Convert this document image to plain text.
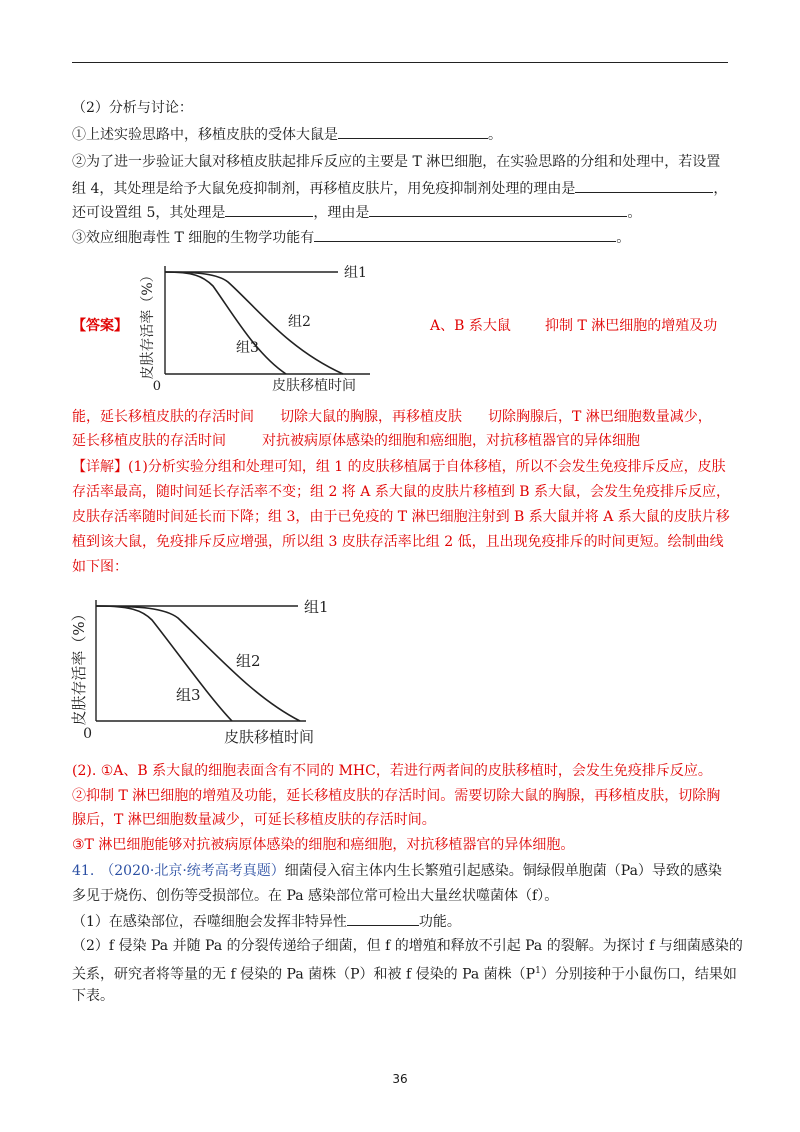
（2）分析与讨论：
①上述实验思路中，移植皮肤的受体大鼠是	。
②为了进一步验证大鼠对移植皮肤起排斥反应的主要是 T 淋巴细胞，在实验思路的分组和处理中，若设置
组 4，其处理是给予大鼠免疫抑制剂，再移植皮肤片，用免疫抑制剂处理的理由是	，
还可设置组 5，其处理是	，理由是	。
③效应细胞毒性 T 细胞的生物学功能有	。
组1
组2
组3
0	皮肤移植时间
皮肤存活率（%）
【答案】	A、B 系大鼠 抑制 T 淋巴细胞的增殖及功
能，延长移植皮肤的存活时间 切除大鼠的胸腺，再移植皮肤 切除胸腺后，T 淋巴细胞数量减少，
延长移植皮肤的存活时间	对抗被病原体感染的细胞和癌细胞，对抗移植器官的异体细胞
【详解】(1)分析实验分组和处理可知，组 1 的皮肤移植属于自体移植，所以不会发生免疫排斥反应，皮肤
存活率最高，随时间延长存活率不变；组 2 将 A 系大鼠的皮肤片移植到 B 系大鼠，会发生免疫排斥反应，
皮肤存活率随时间延长而下降；组 3，由于已免疫的 T 淋巴细胞注射到 B 系大鼠并将 A 系大鼠的皮肤片移
植到该大鼠，免疫排斥反应增强，所以组 3 皮肤存活率比组 2 低，且出现免疫排斥的时间更短。绘制曲线
如下图：
组1
组2
组3
0	皮肤移植时间
皮肤存活率（%）
(2). ①A、B 系大鼠的细胞表面含有不同的 MHC，若进行两者间的皮肤移植时，会发生免疫排斥反应。
②抑制 T 淋巴细胞的增殖及功能，延长移植皮肤的存活时间。需要切除大鼠的胸腺，再移植皮肤，切除胸
腺后，T 淋巴细胞数量减少，可延长移植皮肤的存活时间。
③T 淋巴细胞能够对抗被病原体感染的细胞和癌细胞，对抗移植器官的异体细胞。
41. （2020·北京·统考高考真题）细菌侵入宿主体内生长繁殖引起感染。铜绿假单胞菌（Pa）导致的感染
多见于烧伤、创伤等受损部位。在 Pa 感染部位常可检出大量丝状噬菌体（f）。
（1）在感染部位，吞噬细胞会发挥非特异性	功能。
（2）f 侵染 Pa 并随 Pa 的分裂传递给子细菌，但 f 的增殖和释放不引起 Pa 的裂解。为探讨 f 与细菌感染的
关系，研究者将等量的无 f 侵染的 Pa 菌株（P）和被 f 侵染的 Pa 菌株$(P^1)$分别接种于小鼠伤口，结果如
下表。
36
